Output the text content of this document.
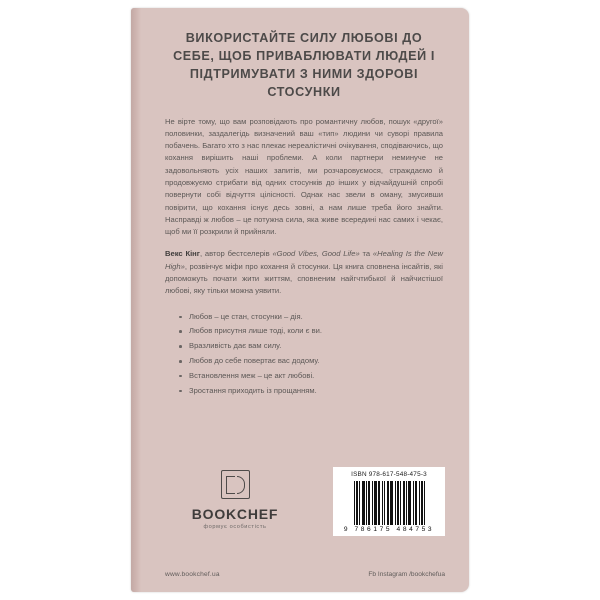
ВИКОРИСТАЙТЕ СИЛУ ЛЮБОВІ ДО СЕБЕ, ЩОБ ПРИВАБЛЮВАТИ ЛЮДЕЙ І ПІДТРИМУВАТИ З НИМИ ЗДОРОВІ СТОСУНКИ
Не вірте тому, що вам розповідають про романтичну любов, пошук «другої» половинки, заздалегідь визначений ваш «тип» людини чи суворі правила побачень. Багато хто з нас плекає нереалістичні очікування, сподіваючись, що кохання вирішить наші проблеми. А коли партнери неминуче не задовольняють усіх наших запитів, ми розчаровуємося, страждаємо й продовжуємо стрибати від одних стосунків до інших у відчайдушній спробі повернути собі відчуття цілісності. Однак нас звели в оману, змусивши повірити, що кохання існує десь зовні, а нам лише треба його знайти. Насправді ж любов – це потужна сила, яка живе всередині нас самих і чекає, щоб ми її розкрили й прийняли.
Векс Кінг, автор бестселерів «Good Vibes, Good Life» та «Healing Is the New High», розвінчує міфи про кохання й стосунки. Ця книга сповнена інсайтів, які допоможуть почати жити життям, сповненим найгчтибької й найчистішої любові, яку тільки можна уявити.
Любов – це стан, стосунки – дія.
Любов присутня лише тоді, коли є ви.
Вразливість дає вам силу.
Любов до себе повертає вас додому.
Встановлення меж – це акт любові.
Зростання приходить із прощанням.
BOOKCHEF
формує особистість
ISBN 978-617-548-475-3
9 786175 484753
www.bookchef.ua	Fb Instagram /bookchefua
